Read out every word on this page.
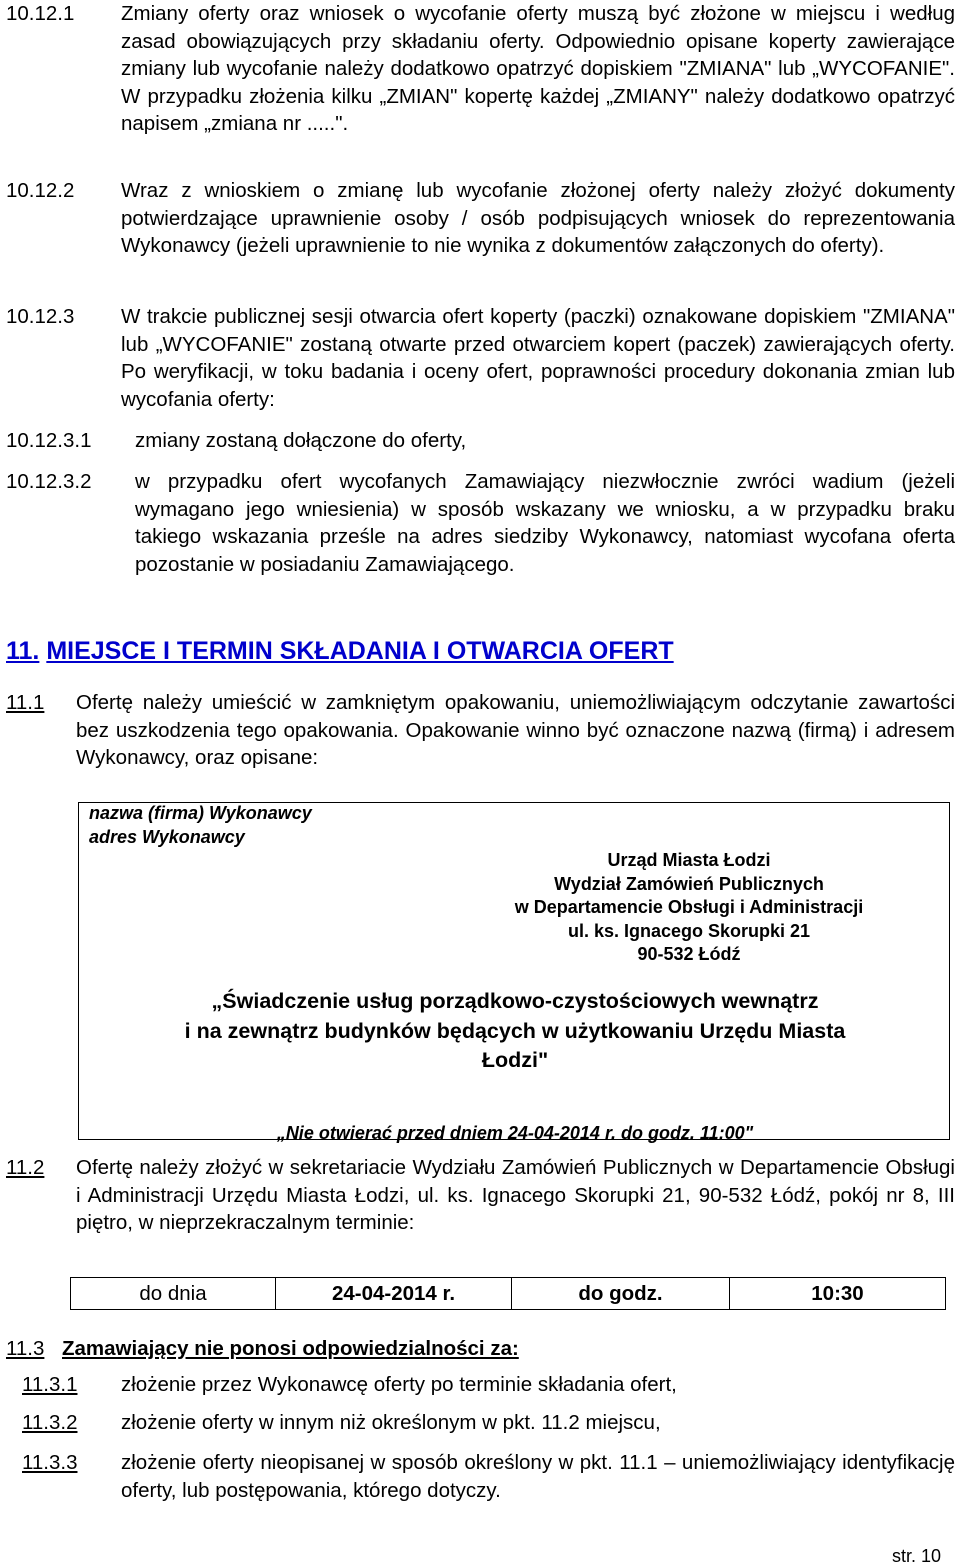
10.12.1 Zmiany oferty oraz wniosek o wycofanie oferty muszą być złożone w miejscu i według zasad obowiązujących przy składaniu oferty. Odpowiednio opisane koperty zawierające zmiany lub wycofanie należy dodatkowo opatrzyć dopiskiem "ZMIANA" lub „WYCOFANIE". W przypadku złożenia kilku „ZMIAN" kopertę każdej „ZMIANY" należy dodatkowo opatrzyć napisem „zmiana nr .....".
10.12.2 Wraz z wnioskiem o zmianę lub wycofanie złożonej oferty należy złożyć dokumenty potwierdzające uprawnienie osoby / osób podpisujących wniosek do reprezentowania Wykonawcy (jeżeli uprawnienie to nie wynika z dokumentów załączonych do oferty).
10.12.3 W trakcie publicznej sesji otwarcia ofert koperty (paczki) oznakowane dopiskiem "ZMIANA" lub „WYCOFANIE" zostaną otwarte przed otwarciem kopert (paczek) zawierających oferty. Po weryfikacji, w toku badania i oceny ofert, poprawności procedury dokonania zmian lub wycofania oferty:
10.12.3.1 zmiany zostaną dołączone do oferty,
10.12.3.2 w przypadku ofert wycofanych Zamawiający niezwłocznie zwróci wadium (jeżeli wymagano jego wniesienia) w sposób wskazany we wniosku, a w przypadku braku takiego wskazania prześle na adres siedziby Wykonawcy, natomiast wycofana oferta pozostanie w posiadaniu Zamawiającego.
11. MIEJSCE I TERMIN SKŁADANIA I OTWARCIA OFERT
11.1 Ofertę należy umieścić w zamkniętym opakowaniu, uniemożliwiającym odczytanie zawartości bez uszkodzenia tego opakowania. Opakowanie winno być oznaczone nazwą (firmą) i adresem Wykonawcy, oraz opisane:
nazwa (firma) Wykonawcy
adres Wykonawcy
Urząd Miasta Łodzi
Wydział Zamówień Publicznych
w Departamencie Obsługi i Administracji
ul. ks. Ignacego Skorupki 21
90-532 Łódź
„Świadczenie usług porządkowo-czystościowych wewnątrz
i na zewnątrz budynków będących w użytkowaniu Urzędu Miasta
Łodzi"
„Nie otwierać przed dniem 24-04-2014 r. do godz. 11:00"
11.2 Ofertę należy złożyć w sekretariacie Wydziału Zamówień Publicznych w Departamencie Obsługi i Administracji Urzędu Miasta Łodzi, ul. ks. Ignacego Skorupki 21, 90-532 Łódź, pokój nr 8, III piętro, w nieprzekraczalnym terminie:
do dnia	24-04-2014 r.	do godz.	10:30
11.3 Zamawiający nie ponosi odpowiedzialności za:
11.3.1 złożenie przez Wykonawcę oferty po terminie składania ofert,
11.3.2 złożenie oferty w innym niż określonym w pkt. 11.2 miejscu,
11.3.3 złożenie oferty nieopisanej w sposób określony w pkt. 11.1 – uniemożliwiający identyfikację oferty, lub postępowania, którego dotyczy.
str. 10
